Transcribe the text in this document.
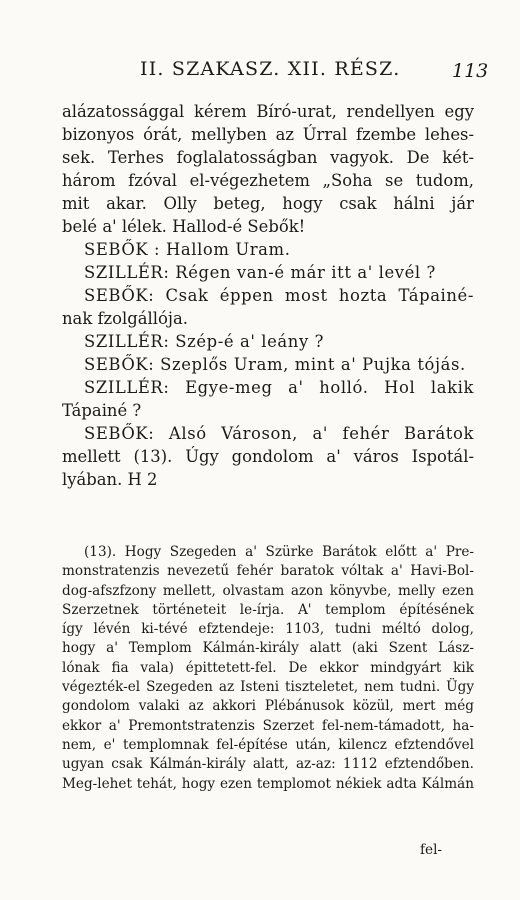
II. SZAKASZ. XII. RÉSZ.	113
alázatossággal kérem Bíró-urat, rendellyen egy
bizonyos órát, mellyben az Úrral fzembe lehes-
sek. Terhes foglalatosságban vagyok. De két-
három fzóval el-végezhetem „Soha se tudom,
mit akar. Olly beteg, hogy csak hálni jár
belé a' lélek. Hallod-é Sebők!
SEBŐK : Hallom Uram.
SZILLÉR: Régen van-é már itt a' levél ?
SEBŐK: Csak éppen most hozta Tápainé-
nak fzolgállója.
SZILLÉR: Szép-é a' leány ?
SEBŐK: Szeplős Uram, mint a' Pujka tójás.
SZILLÉR: Egye-meg a' holló. Hol lakik
Tápainé ?
SEBŐK: Alsó Városon, a' fehér Barátok
mellett (13). Úgy gondolom a' város Ispotál-
lyában. H 2
(13). Hogy Szegeden a' Szürke Barátok előtt a' Pre-
monstratenzis nevezetű fehér baratok vóltak a' Havi-Bol-
dog-afszfzony mellett, olvastam azon könyvbe, melly ezen
Szerzetnek történeteit le-írja. A' templom építésének
így lévén ki-tévé efztendeje: 1103, tudni méltó dolog,
hogy a' Templom Kálmán-király alatt (aki Szent Lász-
lónak fia vala) épittetett-fel. De ekkor mindgyárt kik
végezték-el Szegeden az Isteni tiszteletet, nem tudni. Ügy
gondolom valaki az akkori Plébánusok közül, mert még
ekkor a' Premontstratenzis Szerzet fel-nem-támadott, ha-
nem, e' templomnak fel-építése után, kilencz efztendővel
ugyan csak Kálmán-király alatt, az-az: 1112 efztendőben.
Meg-lehet tehát, hogy ezen templomot nékiek adta Kálmán
fel-
